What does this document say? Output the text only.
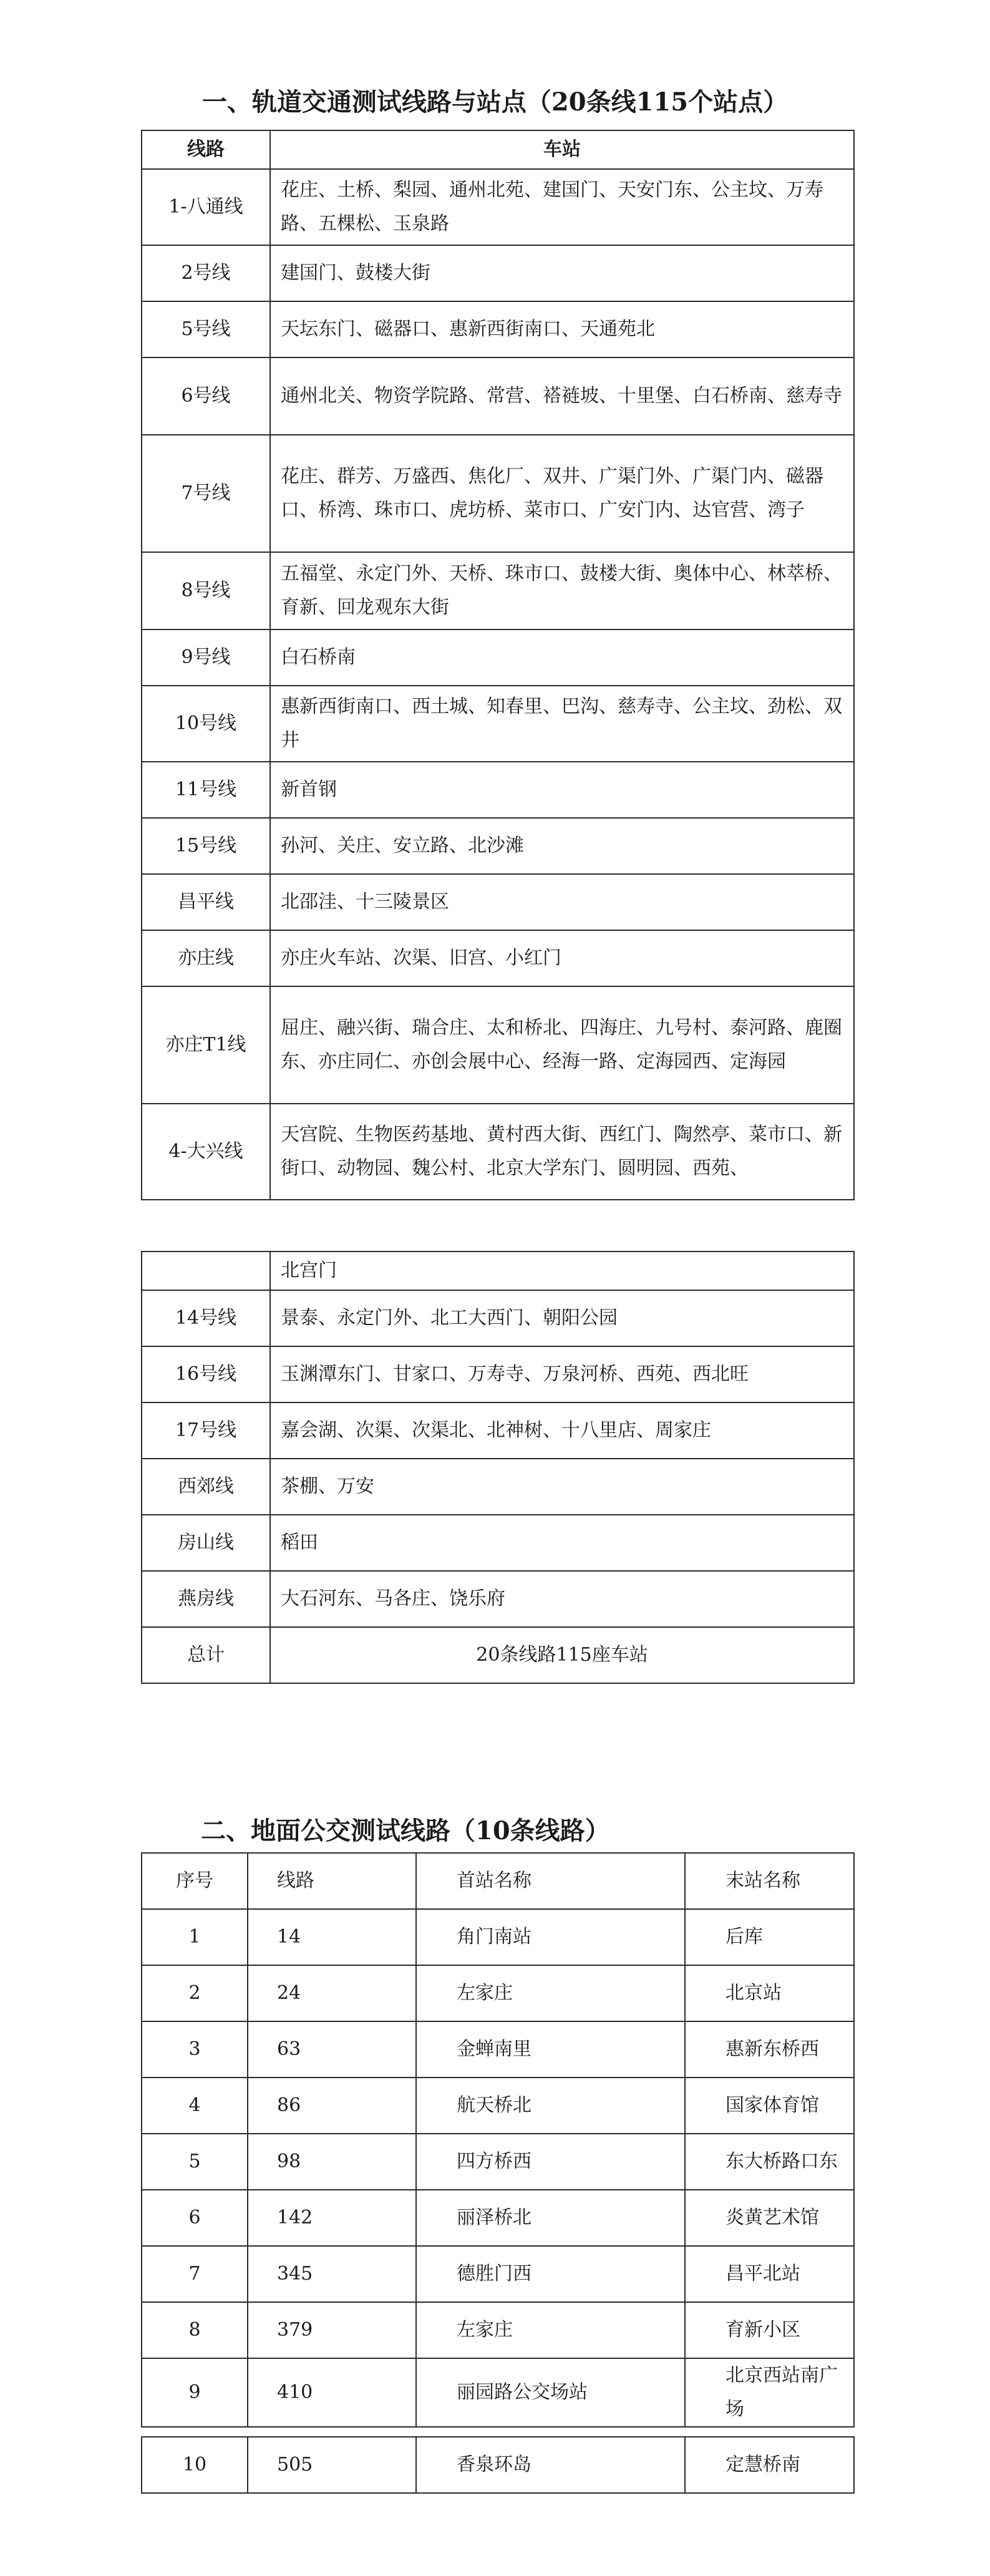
一、轨道交通测试线路与站点（20条线115个站点）
线路	车站
1-八通线	花庄、土桥、梨园、通州北苑、建国门、天安门东、公主坟、万寿路、五棵松、玉泉路
2号线	建国门、鼓楼大街
5号线	天坛东门、磁器口、惠新西街南口、天通苑北
6号线	通州北关、物资学院路、常营、褡裢坡、十里堡、白石桥南、慈寿寺
7号线	花庄、群芳、万盛西、焦化厂、双井、广渠门外、广渠门内、磁器口、桥湾、珠市口、虎坊桥、菜市口、广安门内、达官营、湾子
8号线	五福堂、永定门外、天桥、珠市口、鼓楼大街、奥体中心、林萃桥、育新、回龙观东大街
9号线	白石桥南
10号线	惠新西街南口、西土城、知春里、巴沟、慈寿寺、公主坟、劲松、双井
11号线	新首钢
15号线	孙河、关庄、安立路、北沙滩
昌平线	北邵洼、十三陵景区
亦庄线	亦庄火车站、次渠、旧宫、小红门
亦庄T1线	屈庄、融兴街、瑞合庄、太和桥北、四海庄、九号村、泰河路、鹿圈东、亦庄同仁、亦创会展中心、经海一路、定海园西、定海园
4-大兴线	天宫院、生物医药基地、黄村西大街、西红门、陶然亭、菜市口、新街口、动物园、魏公村、北京大学东门、圆明园、西苑、
	北宫门
14号线	景泰、永定门外、北工大西门、朝阳公园
16号线	玉渊潭东门、甘家口、万寿寺、万泉河桥、西苑、西北旺
17号线	嘉会湖、次渠、次渠北、北神树、十八里店、周家庄
西郊线	茶棚、万安
房山线	稻田
燕房线	大石河东、马各庄、饶乐府
总计	20条线路115座车站
二、地面公交测试线路（10条线路）
序号	线路	首站名称	末站名称
1	14	角门南站	后库
2	24	左家庄	北京站
3	63	金蝉南里	惠新东桥西
4	86	航天桥北	国家体育馆
5	98	四方桥西	东大桥路口东
6	142	丽泽桥北	炎黄艺术馆
7	345	德胜门西	昌平北站
8	379	左家庄	育新小区
9	410	丽园路公交场站	北京西站南广场
10	505	香泉环岛	定慧桥南
